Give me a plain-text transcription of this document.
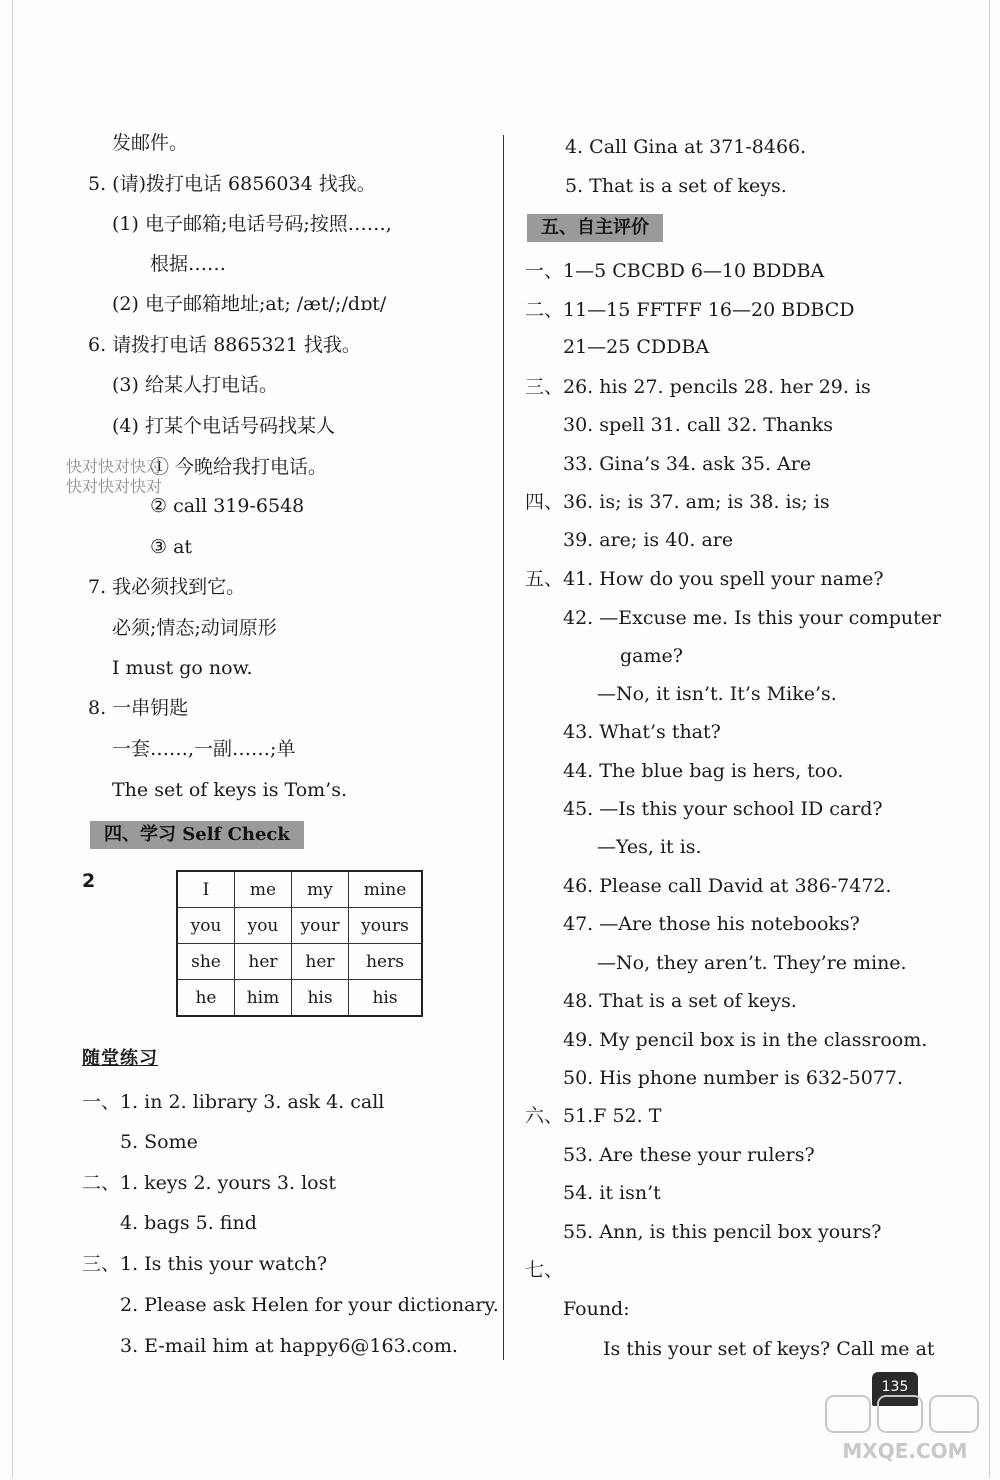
发邮件。
5. (请)拨打电话 6856034 找我。
(1) 电子邮箱;电话号码;按照……,
根据……
(2) 电子邮箱地址;at; /æt/;/dɒt/
6. 请拨打电话 8865321 找我。
(3) 给某人打电话。
(4) 打某个电话号码找某人
① 今晚给我打电话。
② call 319-6548
③ at
7. 我必须找到它。
必须;情态;动词原形
I must go now.
8. 一串钥匙
一套……,一副……;单
The set of keys is Tom’s.
快对快对快对
快对快对快对
四、学习 Self Check
2	I	me	my	mine
you	you	your	yours
she	her	her	hers
he	him	his	his
随堂练习
一、1. in 2. library 3. ask 4. call
5. Some
二、1. keys 2. yours 3. lost
4. bags 5. find
三、1. Is this your watch?
2. Please ask Helen for your dictionary.
3. E-mail him at happy6@163.com.
4. Call Gina at 371-8466.
5. That is a set of keys.
五、自主评价
一、1—5 CBCBD 6—10 BDDBA
二、11—15 FFTFF 16—20 BDBCD
21—25 CDDBA
三、26. his 27. pencils 28. her 29. is
30. spell 31. call 32. Thanks
33. Gina’s 34. ask 35. Are
四、36. is; is 37. am; is 38. is; is
39. are; is 40. are
五、41. How do you spell your name?
42. —Excuse me. Is this your computer
game?
—No, it isn’t. It’s Mike’s.
43. What’s that?
44. The blue bag is hers, too.
45. —Is this your school ID card?
—Yes, it is.
46. Please call David at 386-7472.
47. —Are those his notebooks?
—No, they aren’t. They’re mine.
48. That is a set of keys.
49. My pencil box is in the classroom.
50. His phone number is 632-5077.
六、51.F 52. T
53. Are these your rulers?
54. it isn’t
55. Ann, is this pencil box yours?
七、
Found:
Is this your set of keys? Call me at
135
MXQE.COM
